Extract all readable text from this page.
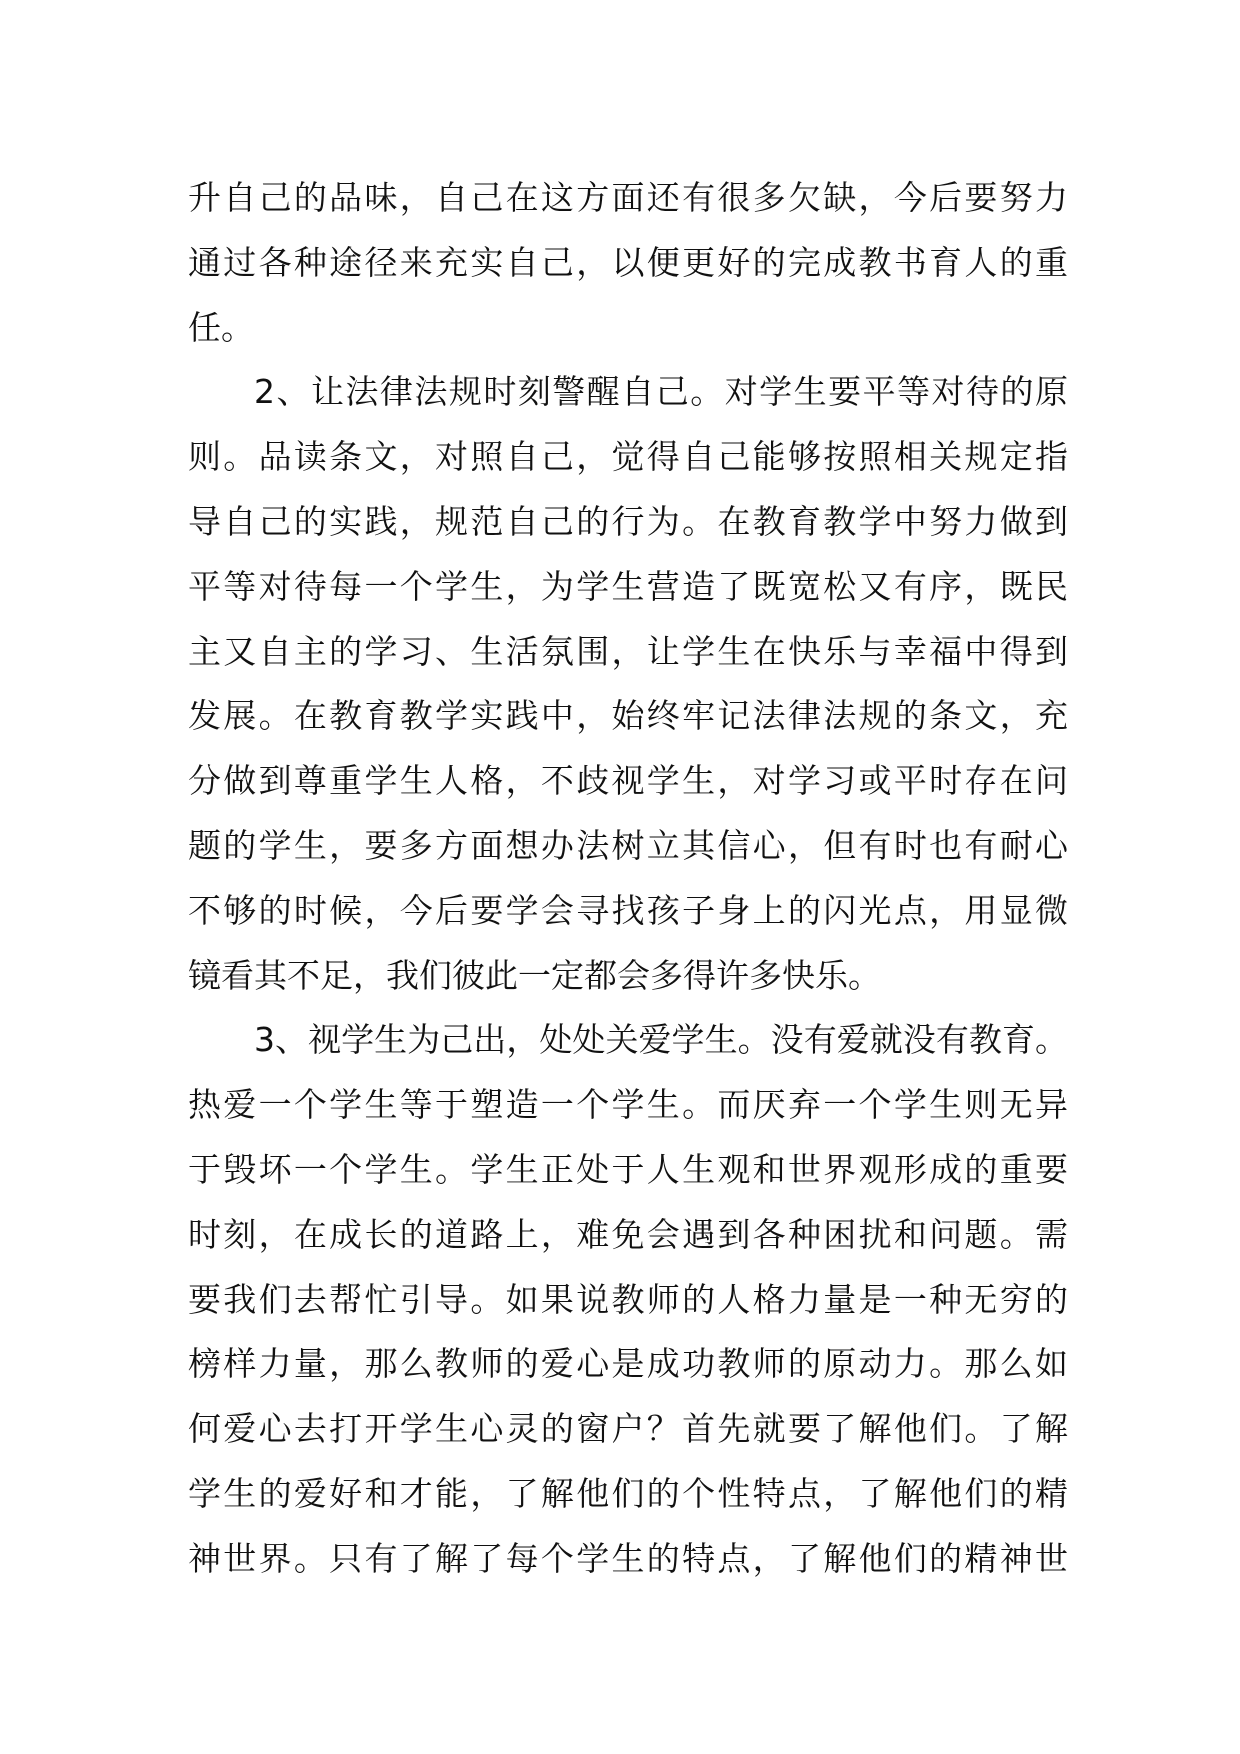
升自己的品味，自己在这方面还有很多欠缺，今后要努力
通过各种途径来充实自己，以便更好的完成教书育人的重
任。
2、让法律法规时刻警醒自己。对学生要平等对待的原
则。品读条文，对照自己，觉得自己能够按照相关规定指
导自己的实践，规范自己的行为。在教育教学中努力做到
平等对待每一个学生，为学生营造了既宽松又有序，既民
主又自主的学习、生活氛围，让学生在快乐与幸福中得到
发展。在教育教学实践中，始终牢记法律法规的条文，充
分做到尊重学生人格，不歧视学生，对学习或平时存在问
题的学生，要多方面想办法树立其信心，但有时也有耐心
不够的时候，今后要学会寻找孩子身上的闪光点，用显微
镜看其不足，我们彼此一定都会多得许多快乐。
3、视学生为己出，处处关爱学生。没有爱就没有教育。
热爱一个学生等于塑造一个学生。而厌弃一个学生则无异
于毁坏一个学生。学生正处于人生观和世界观形成的重要
时刻，在成长的道路上，难免会遇到各种困扰和问题。需
要我们去帮忙引导。如果说教师的人格力量是一种无穷的
榜样力量，那么教师的爱心是成功教师的原动力。那么如
何爱心去打开学生心灵的窗户？首先就要了解他们。了解
学生的爱好和才能，了解他们的个性特点，了解他们的精
神世界。只有了解了每个学生的特点，了解他们的精神世
